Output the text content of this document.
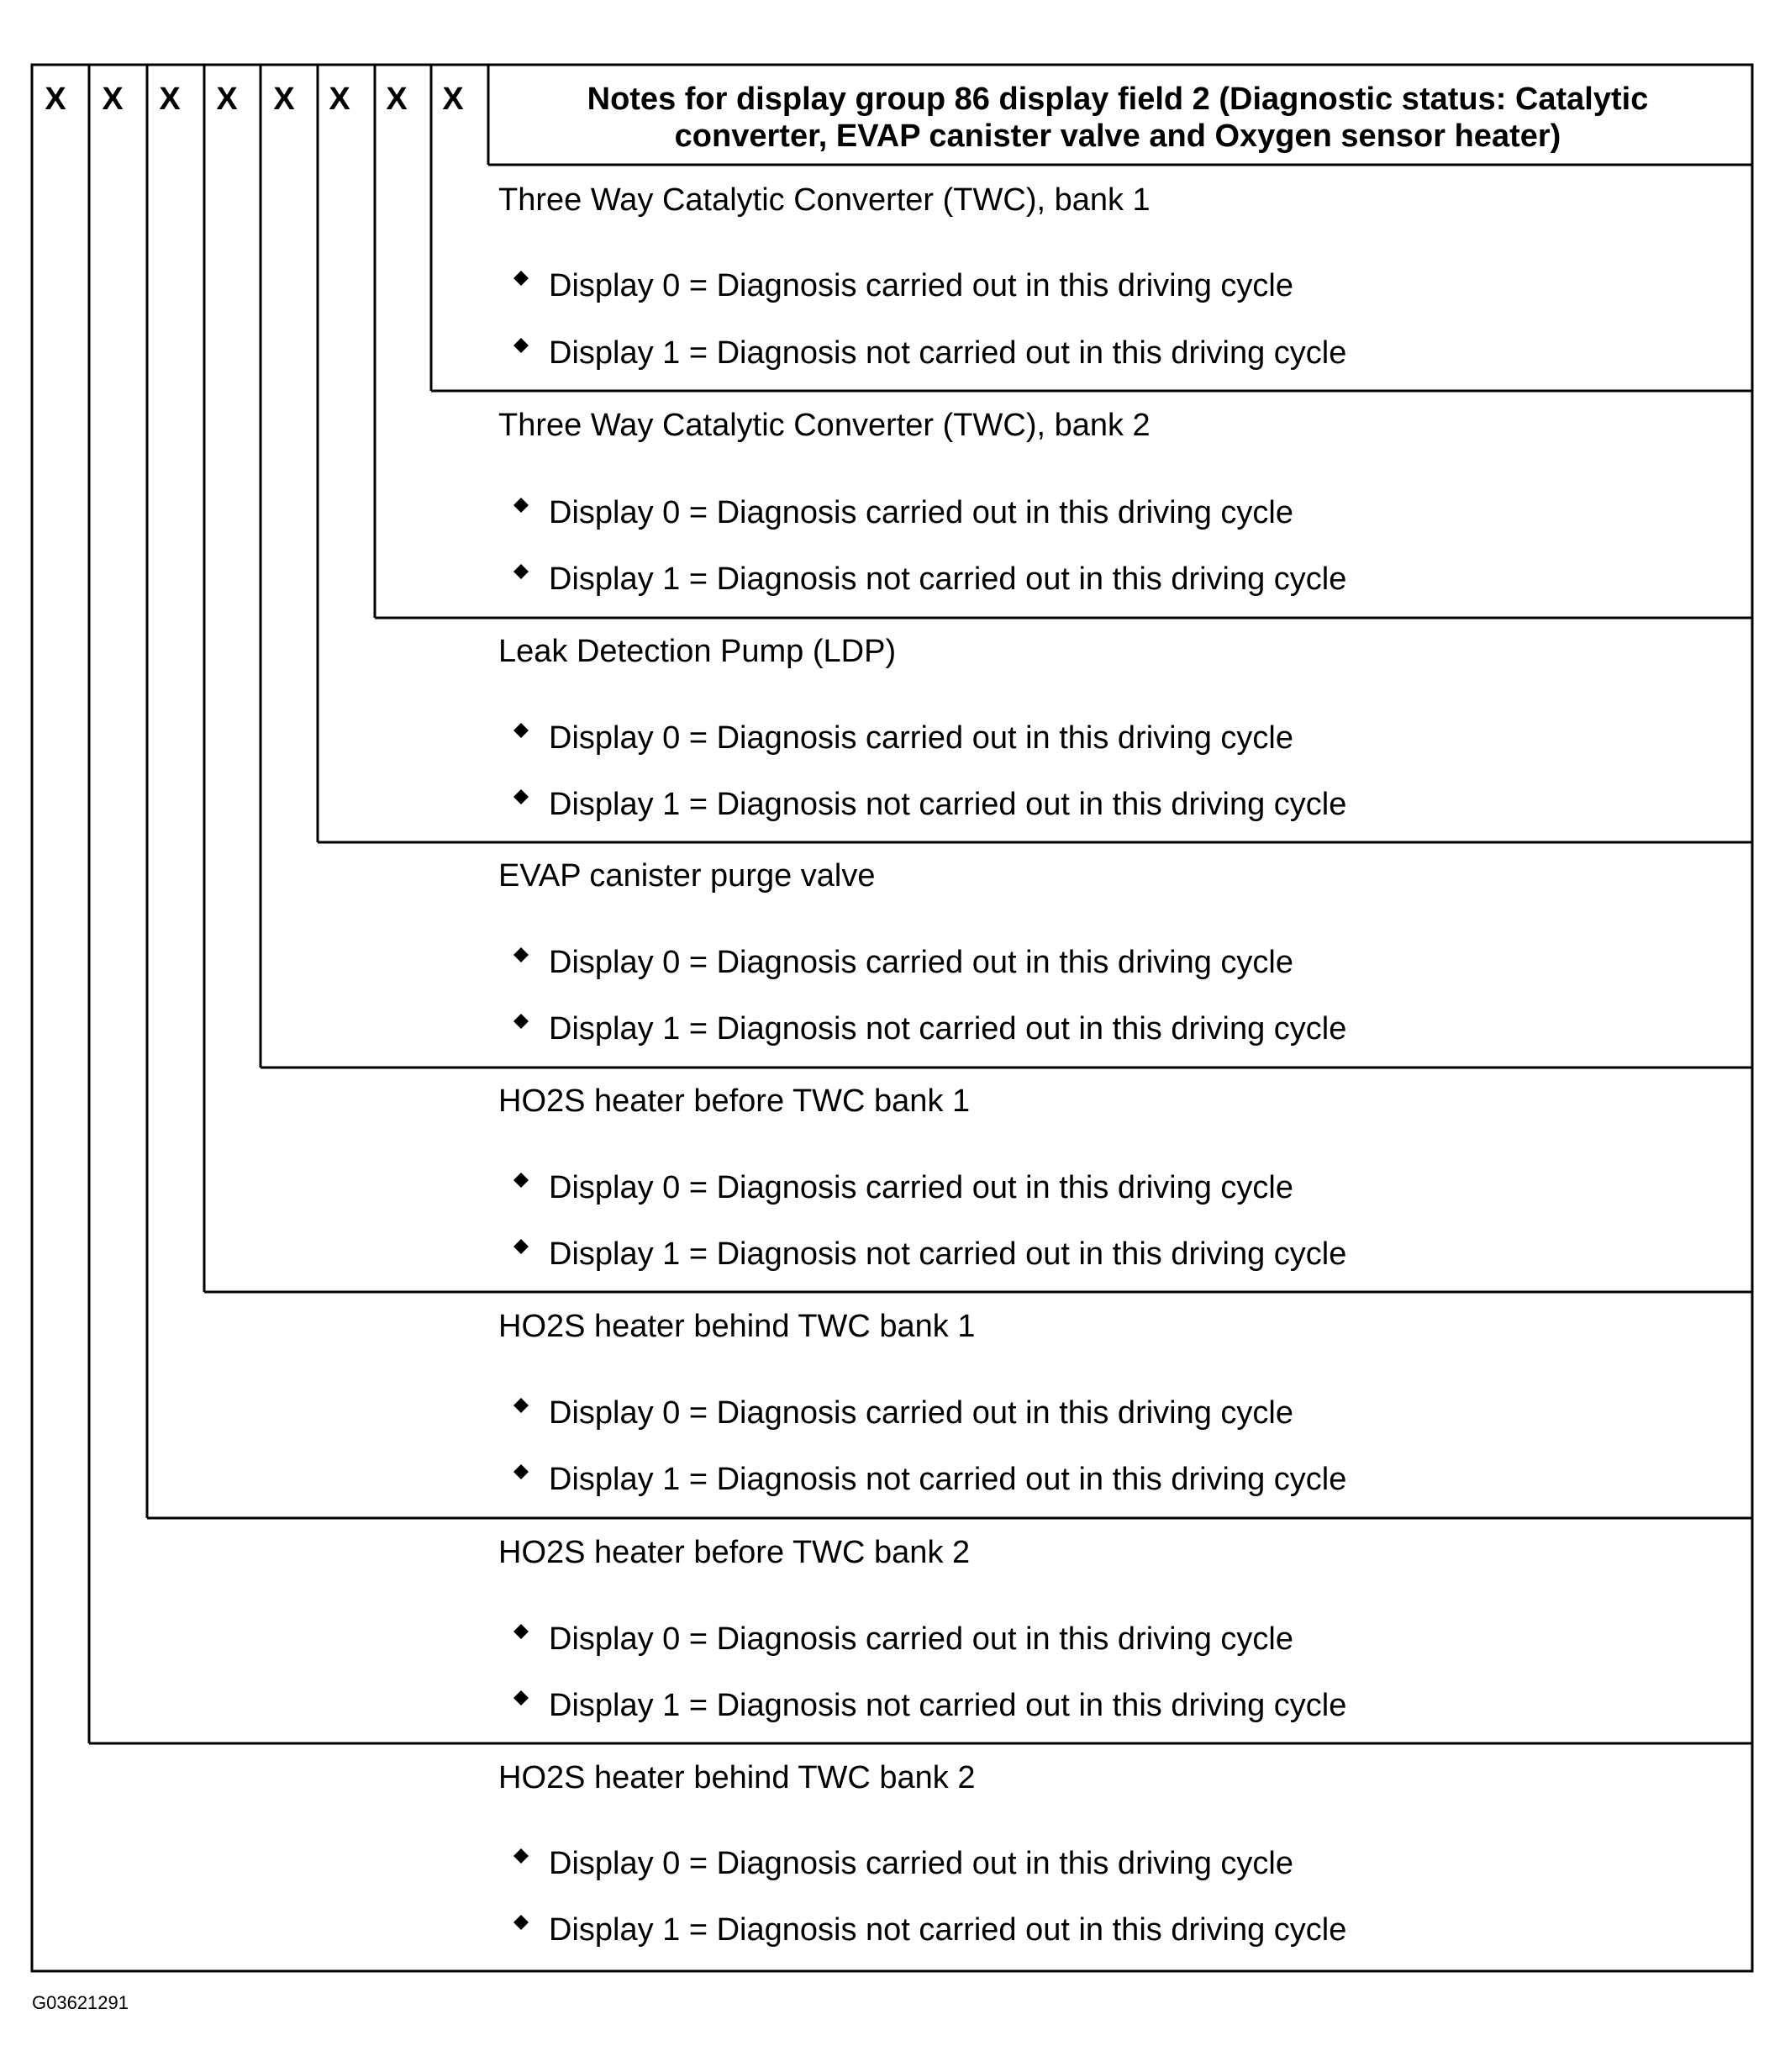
X X X X X X X X	Notes for display group 86 display field 2 (Diagnostic status: Catalytic
converter, EVAP canister valve and Oxygen sensor heater)
Three Way Catalytic Converter (TWC), bank 1
Display 0 = Diagnosis carried out in this driving cycle
Display 1 = Diagnosis not carried out in this driving cycle
Three Way Catalytic Converter (TWC), bank 2
Display 0 = Diagnosis carried out in this driving cycle
Display 1 = Diagnosis not carried out in this driving cycle
Leak Detection Pump (LDP)
Display 0 = Diagnosis carried out in this driving cycle
Display 1 = Diagnosis not carried out in this driving cycle
EVAP canister purge valve
Display 0 = Diagnosis carried out in this driving cycle
Display 1 = Diagnosis not carried out in this driving cycle
HO2S heater before TWC bank 1
Display 0 = Diagnosis carried out in this driving cycle
Display 1 = Diagnosis not carried out in this driving cycle
HO2S heater behind TWC bank 1
Display 0 = Diagnosis carried out in this driving cycle
Display 1 = Diagnosis not carried out in this driving cycle
HO2S heater before TWC bank 2
Display 0 = Diagnosis carried out in this driving cycle
Display 1 = Diagnosis not carried out in this driving cycle
HO2S heater behind TWC bank 2
Display 0 = Diagnosis carried out in this driving cycle
Display 1 = Diagnosis not carried out in this driving cycle
G03621291
